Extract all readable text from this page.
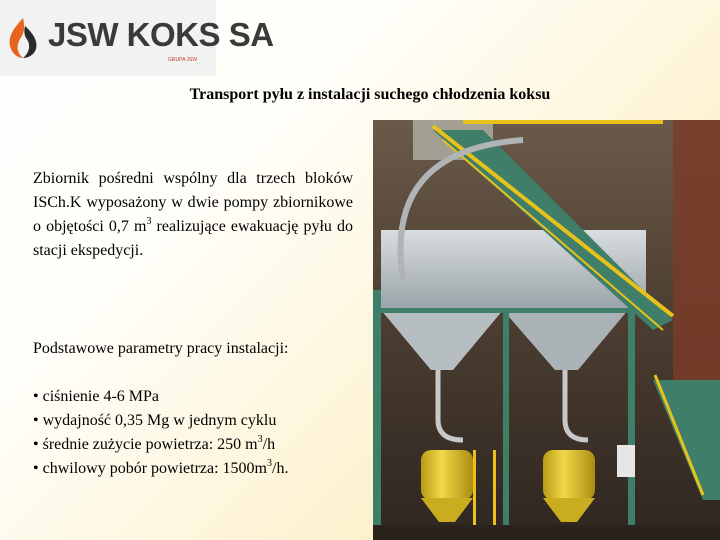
JSW KOKS SA
GRUPA JSW
Transport pyłu z instalacji suchego chłodzenia koksu
Zbiornik pośredni wspólny dla trzech bloków ISCh.K wyposażony w dwie pompy zbiornikowe o objętości 0,7 $m^3$ realizujące ewakuację pyłu do stacji ekspedycji.
Podstawowe parametry pracy instalacji:
• ciśnienie 4-6 MPa
• wydajność 0,35 Mg w jednym cyklu
• średnie zużycie powietrza: 250 $m^3/h$
• chwilowy pobór powietrza: $1500m^3/h$.
